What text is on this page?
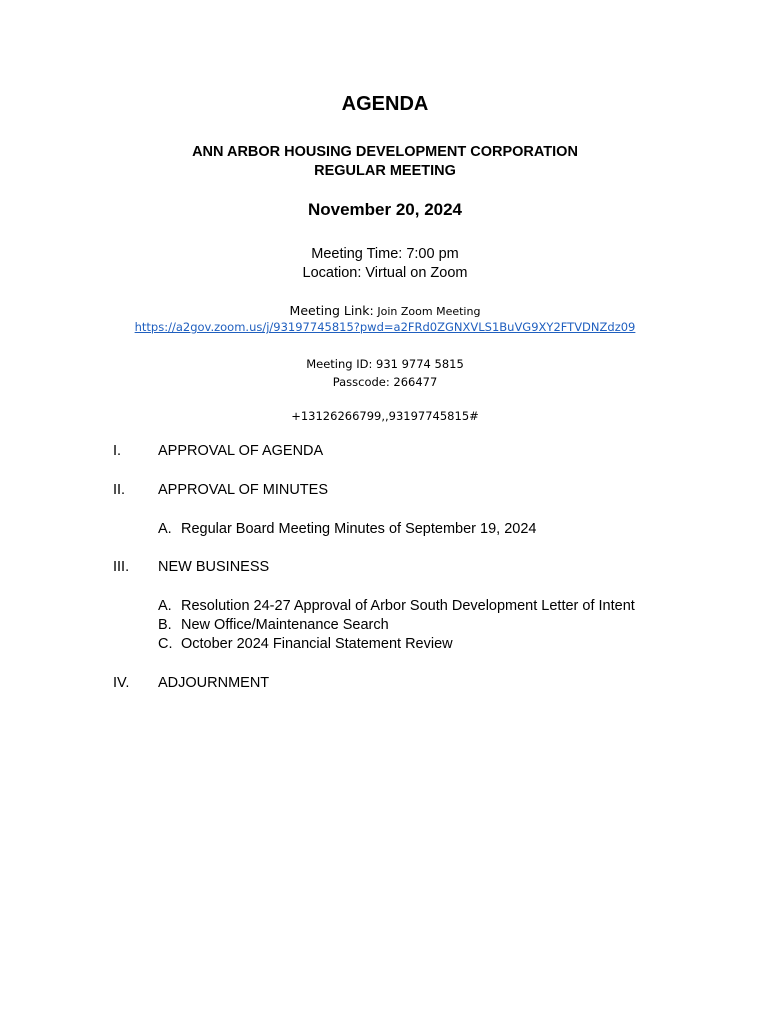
AGENDA
ANN ARBOR HOUSING DEVELOPMENT CORPORATION
REGULAR MEETING
November 20, 2024
Meeting Time: 7:00 pm
Location: Virtual on Zoom
Meeting Link: Join Zoom Meeting
https://a2gov.zoom.us/j/93197745815?pwd=a2FRd0ZGNXVLS1BuVG9XY2FTVDNZdz09
Meeting ID: 931 9774 5815
Passcode: 266477
+13126266799,,93197745815#
I.	APPROVAL OF AGENDA
II. APPROVAL OF MINUTES
A. Regular Board Meeting Minutes of September 19, 2024
III. NEW BUSINESS
A. Resolution 24-27 Approval of Arbor South Development Letter of Intent
B. New Office/Maintenance Search
C. October 2024 Financial Statement Review
IV. ADJOURNMENT
